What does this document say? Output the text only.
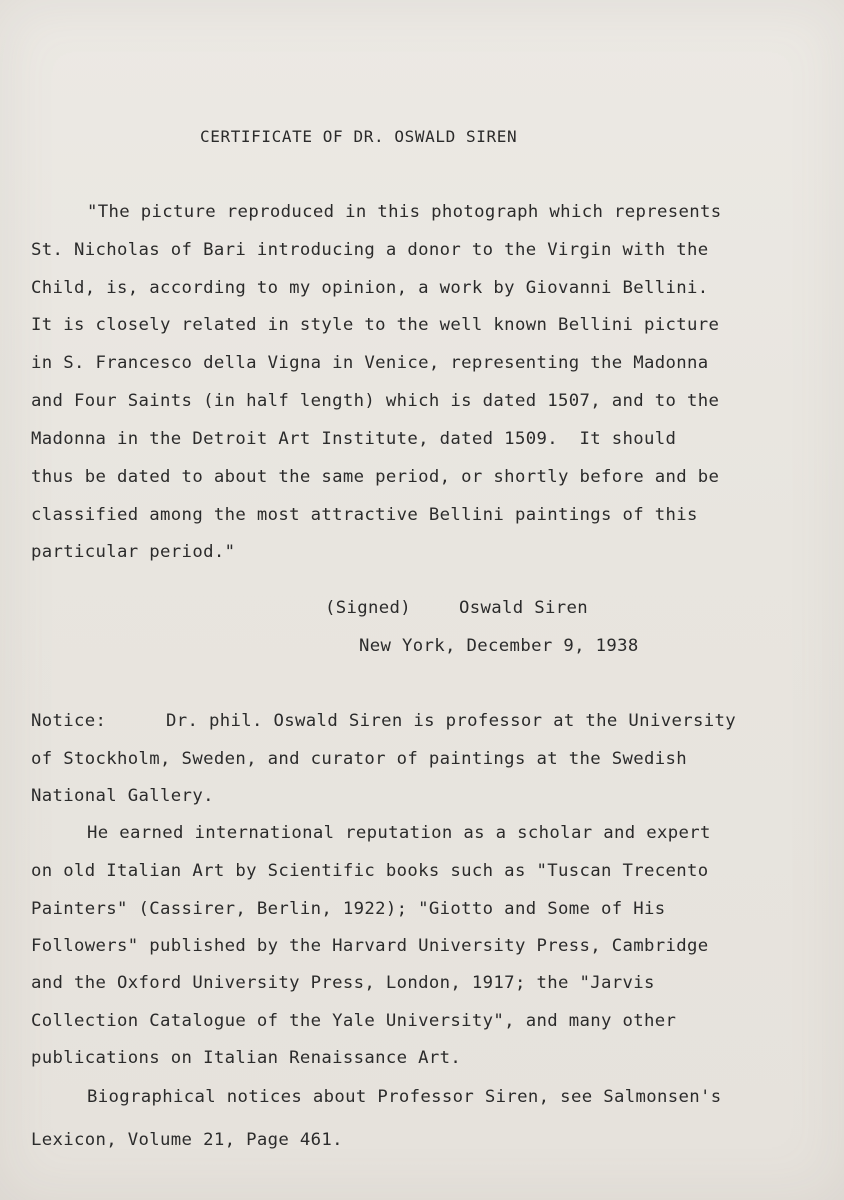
CERTIFICATE OF DR. OSWALD SIREN
"The picture reproduced in this photograph which represents
St. Nicholas of Bari introducing a donor to the Virgin with the
Child, is, according to my opinion, a work by Giovanni Bellini.
It is closely related in style to the well known Bellini picture
in S. Francesco della Vigna in Venice, representing the Madonna
and Four Saints (in half length) which is dated 1507, and to the
Madonna in the Detroit Art Institute, dated 1509.  It should
thus be dated to about the same period, or shortly before and be
classified among the most attractive Bellini paintings of this
particular period."
(Signed)	Oswald Siren
New York, December 9, 1938
Notice:	Dr. phil. Oswald Siren is professor at the University
of Stockholm, Sweden, and curator of paintings at the Swedish
National Gallery.
He earned international reputation as a scholar and expert
on old Italian Art by Scientific books such as "Tuscan Trecento
Painters" (Cassirer, Berlin, 1922); "Giotto and Some of His
Followers" published by the Harvard University Press, Cambridge
and the Oxford University Press, London, 1917; the "Jarvis
Collection Catalogue of the Yale University", and many other
publications on Italian Renaissance Art.
Biographical notices about Professor Siren, see Salmonsen's
Lexicon, Volume 21, Page 461.
